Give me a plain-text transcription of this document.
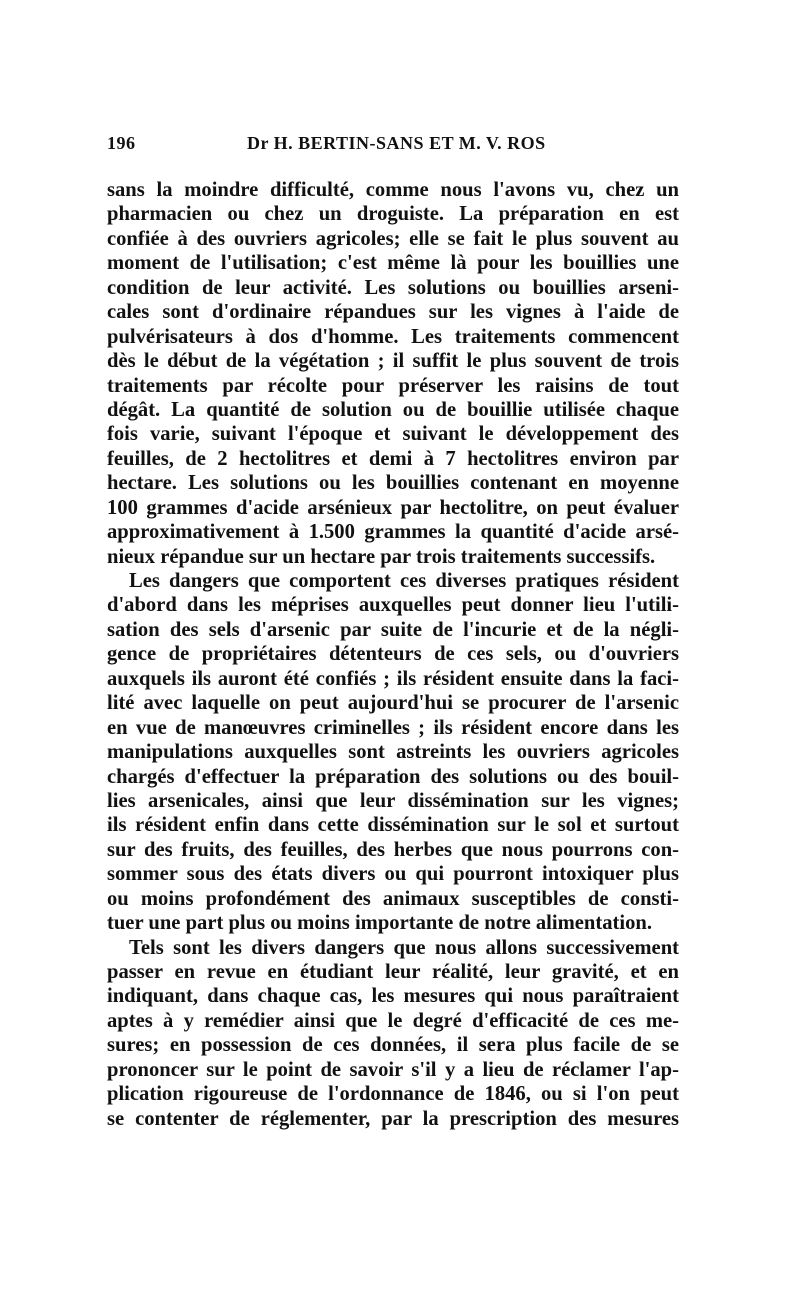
196	Dr H. BERTIN-SANS ET M. V. ROS
sans la moindre difficulté, comme nous l'avons vu, chez un
pharmacien ou chez un droguiste. La préparation en est
confiée à des ouvriers agricoles; elle se fait le plus souvent au
moment de l'utilisation; c'est même là pour les bouillies une
condition de leur activité. Les solutions ou bouillies arseni-
cales sont d'ordinaire répandues sur les vignes à l'aide de
pulvérisateurs à dos d'homme. Les traitements commencent
dès le début de la végétation ; il suffit le plus souvent de trois
traitements par récolte pour préserver les raisins de tout
dégât. La quantité de solution ou de bouillie utilisée chaque
fois varie, suivant l'époque et suivant le développement des
feuilles, de 2 hectolitres et demi à 7 hectolitres environ par
hectare. Les solutions ou les bouillies contenant en moyenne
100 grammes d'acide arsénieux par hectolitre, on peut évaluer
approximativement à 1.500 grammes la quantité d'acide arsé-
nieux répandue sur un hectare par trois traitements successifs.
Les dangers que comportent ces diverses pratiques résident
d'abord dans les méprises auxquelles peut donner lieu l'utili-
sation des sels d'arsenic par suite de l'incurie et de la négli-
gence de propriétaires détenteurs de ces sels, ou d'ouvriers
auxquels ils auront été confiés ; ils résident ensuite dans la faci-
lité avec laquelle on peut aujourd'hui se procurer de l'arsenic
en vue de manœuvres criminelles ; ils résident encore dans les
manipulations auxquelles sont astreints les ouvriers agricoles
chargés d'effectuer la préparation des solutions ou des bouil-
lies arsenicales, ainsi que leur dissémination sur les vignes;
ils résident enfin dans cette dissémination sur le sol et surtout
sur des fruits, des feuilles, des herbes que nous pourrons con-
sommer sous des états divers ou qui pourront intoxiquer plus
ou moins profondément des animaux susceptibles de consti-
tuer une part plus ou moins importante de notre alimentation.
Tels sont les divers dangers que nous allons successivement
passer en revue en étudiant leur réalité, leur gravité, et en
indiquant, dans chaque cas, les mesures qui nous paraîtraient
aptes à y remédier ainsi que le degré d'efficacité de ces me-
sures; en possession de ces données, il sera plus facile de se
prononcer sur le point de savoir s'il y a lieu de réclamer l'ap-
plication rigoureuse de l'ordonnance de 1846, ou si l'on peut
se contenter de réglementer, par la prescription des mesures
